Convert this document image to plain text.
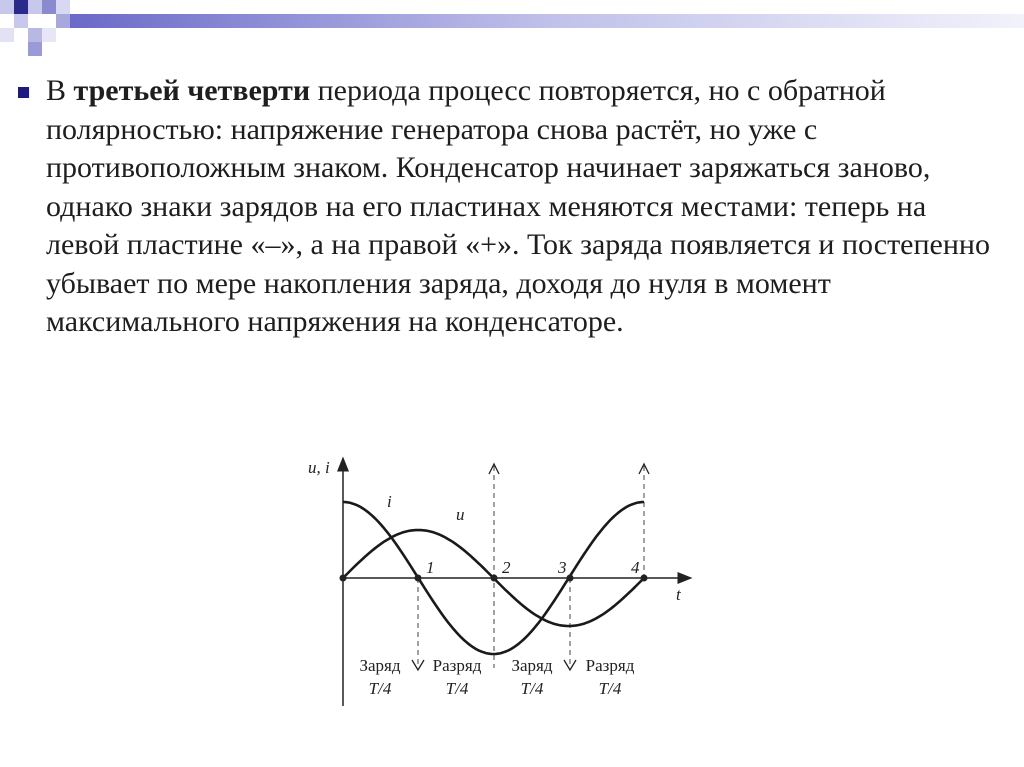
В третьей четверти периода процесс повторяется, но с обратной полярностью: напряжение генератора снова растёт, но уже с противоположным знаком. Конденсатор начинает заряжаться заново, однако знаки зарядов на его пластинах меняются местами: теперь на левой пластине «–», а на правой «+». Ток заряда появляется и постепенно убывает по мере накопления заряда, доходя до нуля в момент максимального напряжения на конденсаторе.

u, i
t
i
u
1	2	3	4
Заряд
T/4
Разряд
T/4
Заряд
T/4
Разряд
T/4
